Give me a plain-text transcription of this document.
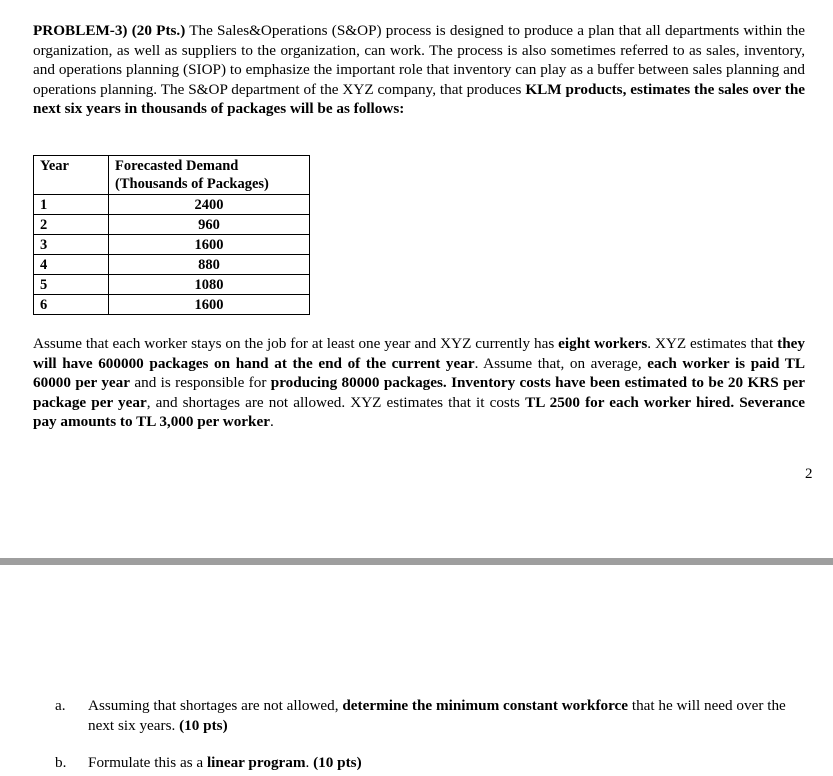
PROBLEM-3) (20 Pts.) The Sales&Operations (S&OP) process is designed to produce a plan that all departments within the organization, as well as suppliers to the organization, can work. The process is also sometimes referred to as sales, inventory, and operations planning (SIOP) to emphasize the important role that inventory can play as a buffer between sales planning and operations planning. The S&OP department of the XYZ company, that produces KLM products, estimates the sales over the next six years in thousands of packages will be as follows:
Year	Forecasted Demand
(Thousands of Packages)
1	2400
2	960
3	1600
4	880
5	1080
6	1600
Assume that each worker stays on the job for at least one year and XYZ currently has eight workers. XYZ estimates that they will have 600000 packages on hand at the end of the current year. Assume that, on average, each worker is paid TL 60000 per year and is responsible for producing 80000 packages. Inventory costs have been estimated to be 20 KRS per package per year, and shortages are not allowed. XYZ estimates that it costs TL 2500 for each worker hired. Severance pay amounts to TL 3,000 per worker.
2
a. Assuming that shortages are not allowed, determine the minimum constant workforce that he will need over the next six years. (10 pts)
b. Formulate this as a linear program. (10 pts)
